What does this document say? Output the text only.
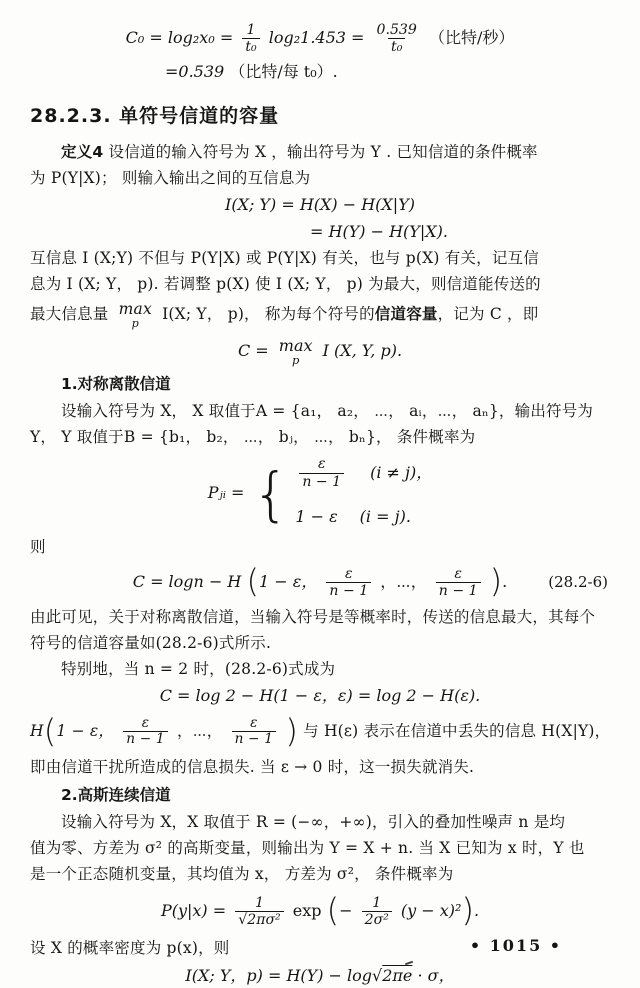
$C_0 = \log_2x_0 = \frac{1}{\text{t₀}} \log_21.453 = \frac{0.539}{\text{t₀}}$ （比特/秒）
=0.539 （比特/每 t₀）.
28.2.3. 单符号信道的容量
定义4 设信道的输入符号为 X ，输出符号为 Y . 已知信道的条件概率
为 P(Y|X)； 则输入输出之间的互信息为
I(X; Y) = H(X) − H(X|Y)
= H(Y) − H(Y|X).
互信息 I (X;Y) 不但与 P(Y|X) 或 P(Y|X) 有关，也与 p(X) 有关，记互信
息为 I (X; Y， p). 若调整 p(X) 使 I (X; Y， p) 为最大，则信道能传送的
最大信息量 max
p
I(X; Y， p)， 称为每个符号的信道容量，记为 C ，即
C = max
p I (X, Y, p).
1.对称离散信道
设输入符号为 X， X 取值于A = {a₁， a₂， ⋯， aᵢ，⋯， aₙ}，输出符号为
Y， Y 取值于B = {b₁， b₂， ⋯， bⱼ， ⋯， bₙ}， 条件概率为
Pⱼᵢ = { $\frac{\varepsilon}{n - 1} (i \ne j)$，
1 − ε (i = j).
则
C = logn − H (1 − ε， $\frac{\varepsilon}{n - 1}$ ，⋯， $\frac{\varepsilon}{n - 1}$ ).	(28.2-6)
由此可见，关于对称离散信道，当输入符号是等概率时，传送的信息最大，其每个
符号的信道容量如(28.2-6)式所示.
特别地，当 n = 2 时，(28.2-6)式成为
C = log 2 − H(1 − ε，ε) = log 2 − H(ε).
H(1 − ε， $\frac{\varepsilon}{n - 1}$ ，⋯， $\frac{\varepsilon}{n - 1}$ ) 与 H(ε) 表示在信道中丢失的信息 H(X|Y)，
即由信道干扰所造成的信息损失. 当 ε → 0 时，这一损失就消失.
2.高斯连续信道
设输入符号为 X，X 取值于 R = (−∞，+∞)，引入的叠加性噪声 n 是均
值为零、方差为 σ² 的高斯变量，则输出为 Y = X + n. 当 X 已知为 x 时，Y 也
是一个正态随机变量，其均值为 x， 方差为 σ²， 条件概率为
$P(y|x) = \frac{1}{\text{√2πσ²}}$ exp (− $\frac{1}{\text{2σ²}} (y - x)^2$).
设 X 的概率密度为 p(x)，则
I(X; Y，p) = H(Y) − log√2πe · σ，
• 1015 •
